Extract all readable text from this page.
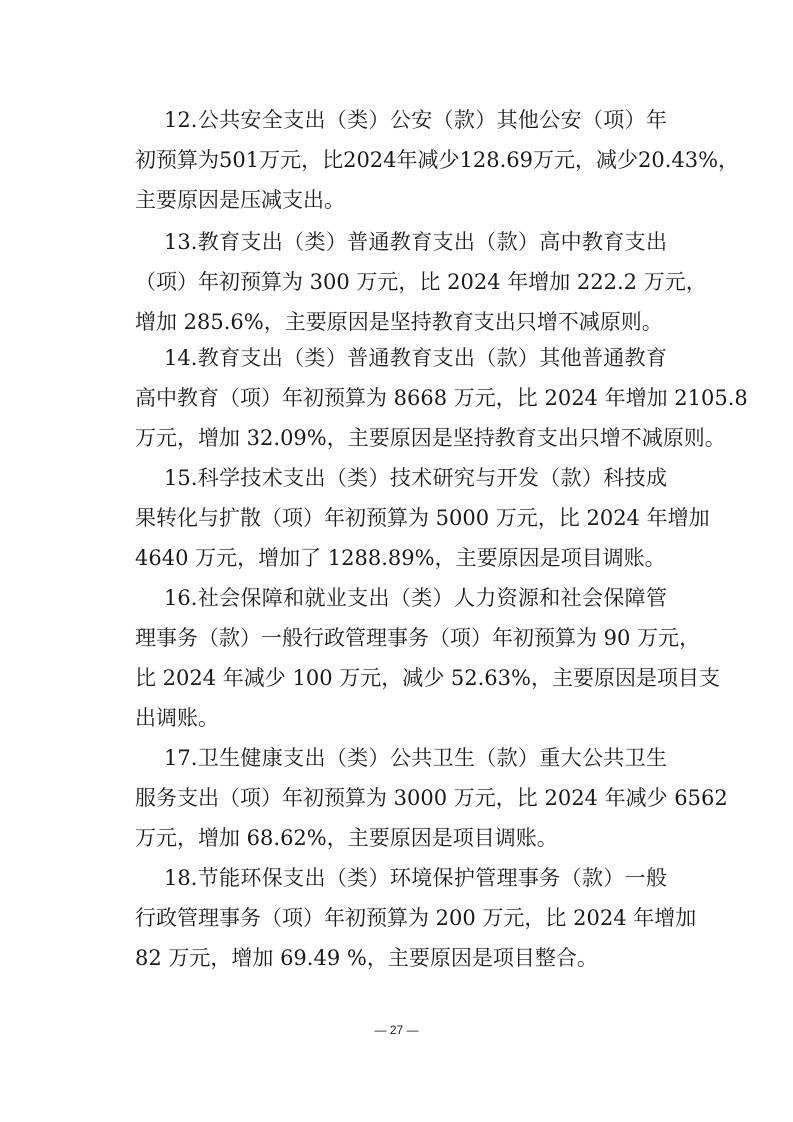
12.公共安全支出（类）公安（款）其他公安（项）年
初预算为501万元，比2024年减少128.69万元，减少20.43%，
主要原因是压减支出。
13.教育支出（类）普通教育支出（款）高中教育支出
（项）年初预算为 300 万元，比 2024 年增加 222.2 万元，
增加 285.6%，主要原因是坚持教育支出只增不减原则。
14.教育支出（类）普通教育支出（款）其他普通教育
高中教育（项）年初预算为 8668 万元，比 2024 年增加 2105.8
万元，增加 32.09%，主要原因是坚持教育支出只增不减原则。
15.科学技术支出（类）技术研究与开发（款）科技成
果转化与扩散（项）年初预算为 5000 万元，比 2024 年增加
4640 万元，增加了 1288.89%，主要原因是项目调账。
16.社会保障和就业支出（类）人力资源和社会保障管
理事务（款）一般行政管理事务（项）年初预算为 90 万元，
比 2024 年减少 100 万元，减少 52.63%，主要原因是项目支
出调账。
17.卫生健康支出（类）公共卫生（款）重大公共卫生
服务支出（项）年初预算为 3000 万元，比 2024 年减少 6562
万元，增加 68.62%，主要原因是项目调账。
18.节能环保支出（类）环境保护管理事务（款）一般
行政管理事务（项）年初预算为 200 万元，比 2024 年增加
82 万元，增加 69.49 %，主要原因是项目整合。
— 27 —
